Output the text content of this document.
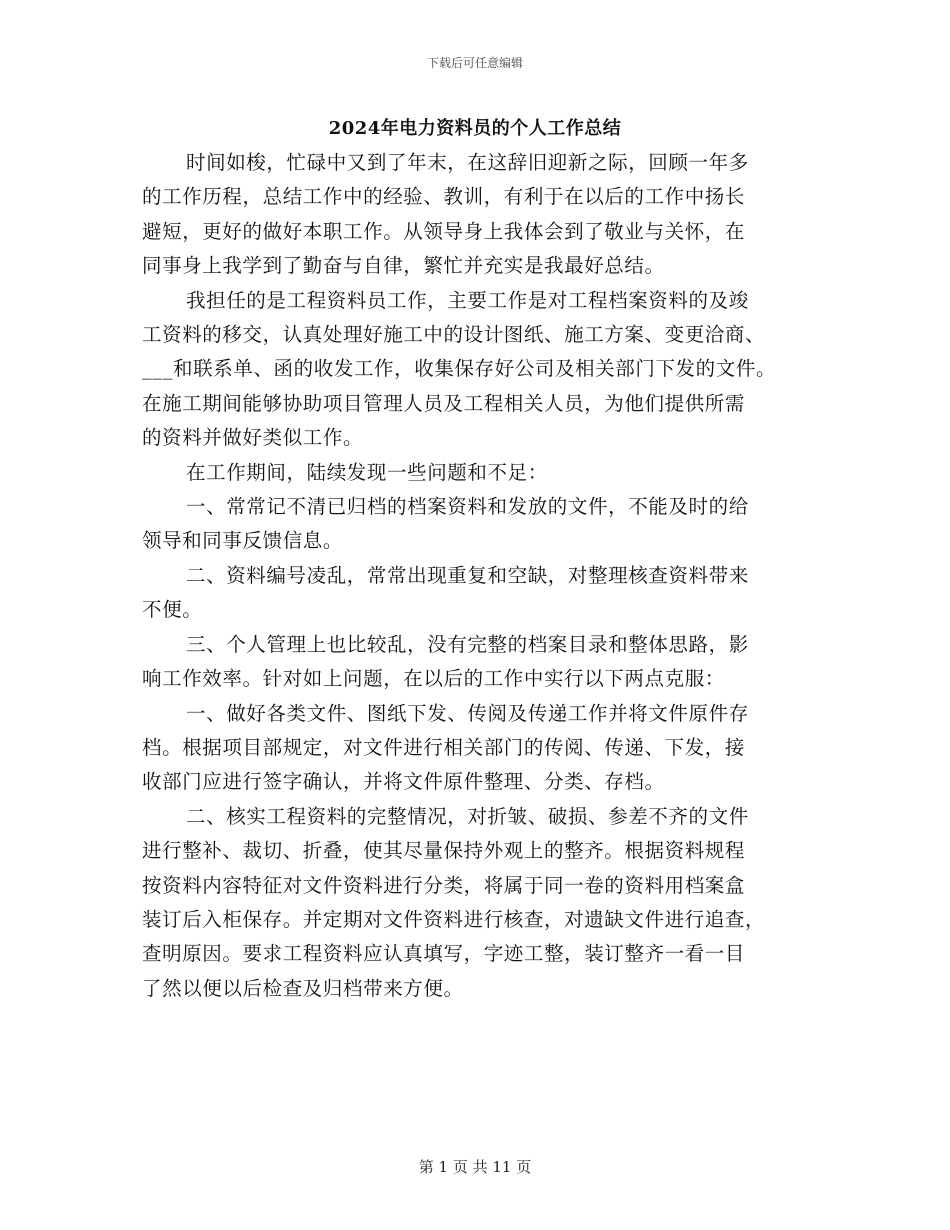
下载后可任意编辑
2024年电力资料员的个人工作总结

时间如梭，忙碌中又到了年末，在这辞旧迎新之际，回顾一年多
的工作历程，总结工作中的经验、教训，有利于在以后的工作中扬长
避短，更好的做好本职工作。从领导身上我体会到了敬业与关怀，在
同事身上我学到了勤奋与自律，繁忙并充实是我最好总结。

我担任的是工程资料员工作，主要工作是对工程档案资料的及竣
工资料的移交，认真处理好施工中的设计图纸、施工方案、变更洽商、
___和联系单、函的收发工作，收集保存好公司及相关部门下发的文件。
在施工期间能够协助项目管理人员及工程相关人员，为他们提供所需
的资料并做好类似工作。

在工作期间，陆续发现一些问题和不足：

一、常常记不清已归档的档案资料和发放的文件，不能及时的给
领导和同事反馈信息。

二、资料编号凌乱，常常出现重复和空缺，对整理核查资料带来
不便。

三、个人管理上也比较乱，没有完整的档案目录和整体思路，影
响工作效率。针对如上问题，在以后的工作中实行以下两点克服：

一、做好各类文件、图纸下发、传阅及传递工作并将文件原件存
档。根据项目部规定，对文件进行相关部门的传阅、传递、下发，接
收部门应进行签字确认，并将文件原件整理、分类、存档。

二、核实工程资料的完整情况，对折皱、破损、参差不齐的文件
进行整补、裁切、折叠，使其尽量保持外观上的整齐。根据资料规程
按资料内容特征对文件资料进行分类，将属于同一卷的资料用档案盒
装订后入柜保存。并定期对文件资料进行核查，对遗缺文件进行追查，
查明原因。要求工程资料应认真填写，字迹工整，装订整齐一看一目
了然以便以后检查及归档带来方便。

第 1 页 共 11 页
